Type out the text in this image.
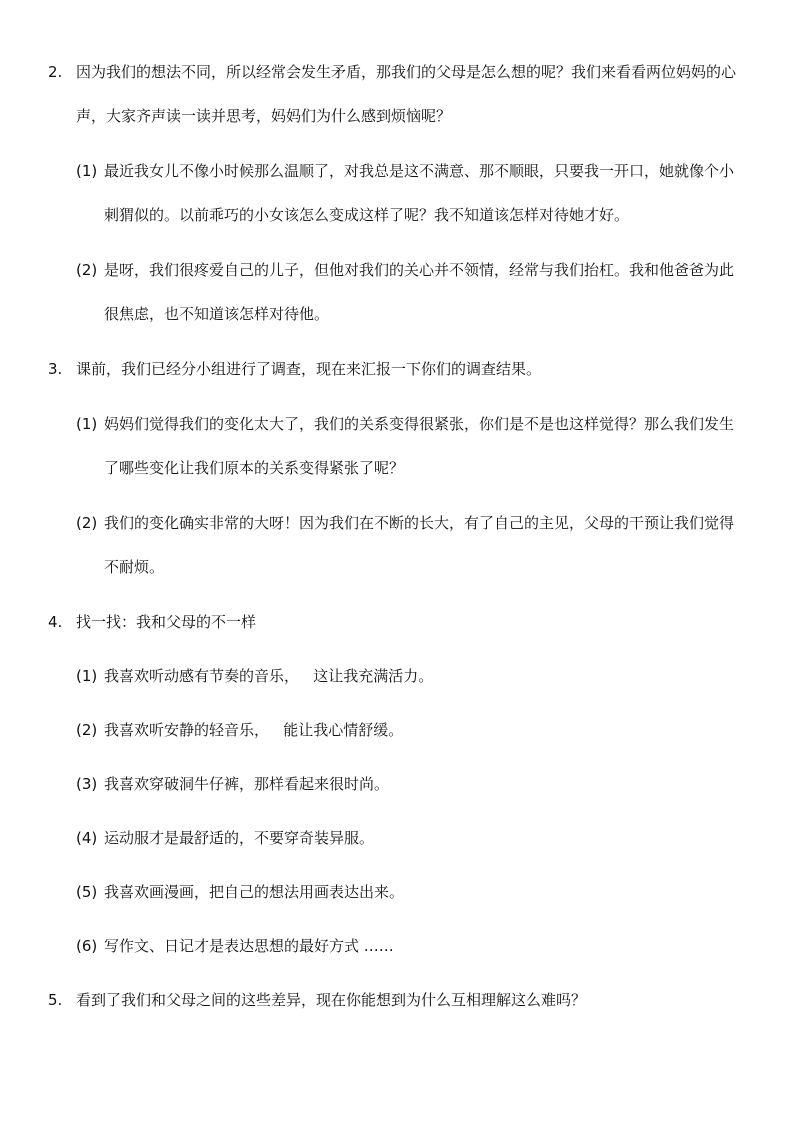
2. 因为我们的想法不同，所以经常会发生矛盾，那我们的父母是怎么想的呢？我们来看看两位妈妈的心声，大家齐声读一读并思考，妈妈们为什么感到烦恼呢？
(1) 最近我女儿不像小时候那么温顺了，对我总是这不满意、那不顺眼，只要我一开口，她就像个小刺猬似的。以前乖巧的小女该怎么变成这样了呢？我不知道该怎样对待她才好。
(2) 是呀，我们很疼爱自己的儿子，但他对我们的关心并不领情，经常与我们抬杠。我和他爸爸为此很焦虑，也不知道该怎样对待他。
3. 课前，我们已经分小组进行了调查，现在来汇报一下你们的调查结果。
(1) 妈妈们觉得我们的变化太大了，我们的关系变得很紧张，你们是不是也这样觉得？那么我们发生了哪些变化让我们原本的关系变得紧张了呢？
(2) 我们的变化确实非常的大呀！因为我们在不断的长大，有了自己的主见，父母的干预让我们觉得不耐烦。
4. 找一找：我和父母的不一样
(1) 我喜欢听动感有节奏的音乐，   这让我充满活力。
(2) 我喜欢听安静的轻音乐，   能让我心情舒缓。
(3) 我喜欢穿破洞牛仔裤，那样看起来很时尚。
(4) 运动服才是最舒适的，不要穿奇装异服。
(5) 我喜欢画漫画，把自己的想法用画表达出来。
(6) 写作文、日记才是表达思想的最好方式 ……
5. 看到了我们和父母之间的这些差异，现在你能想到为什么互相理解这么难吗？
